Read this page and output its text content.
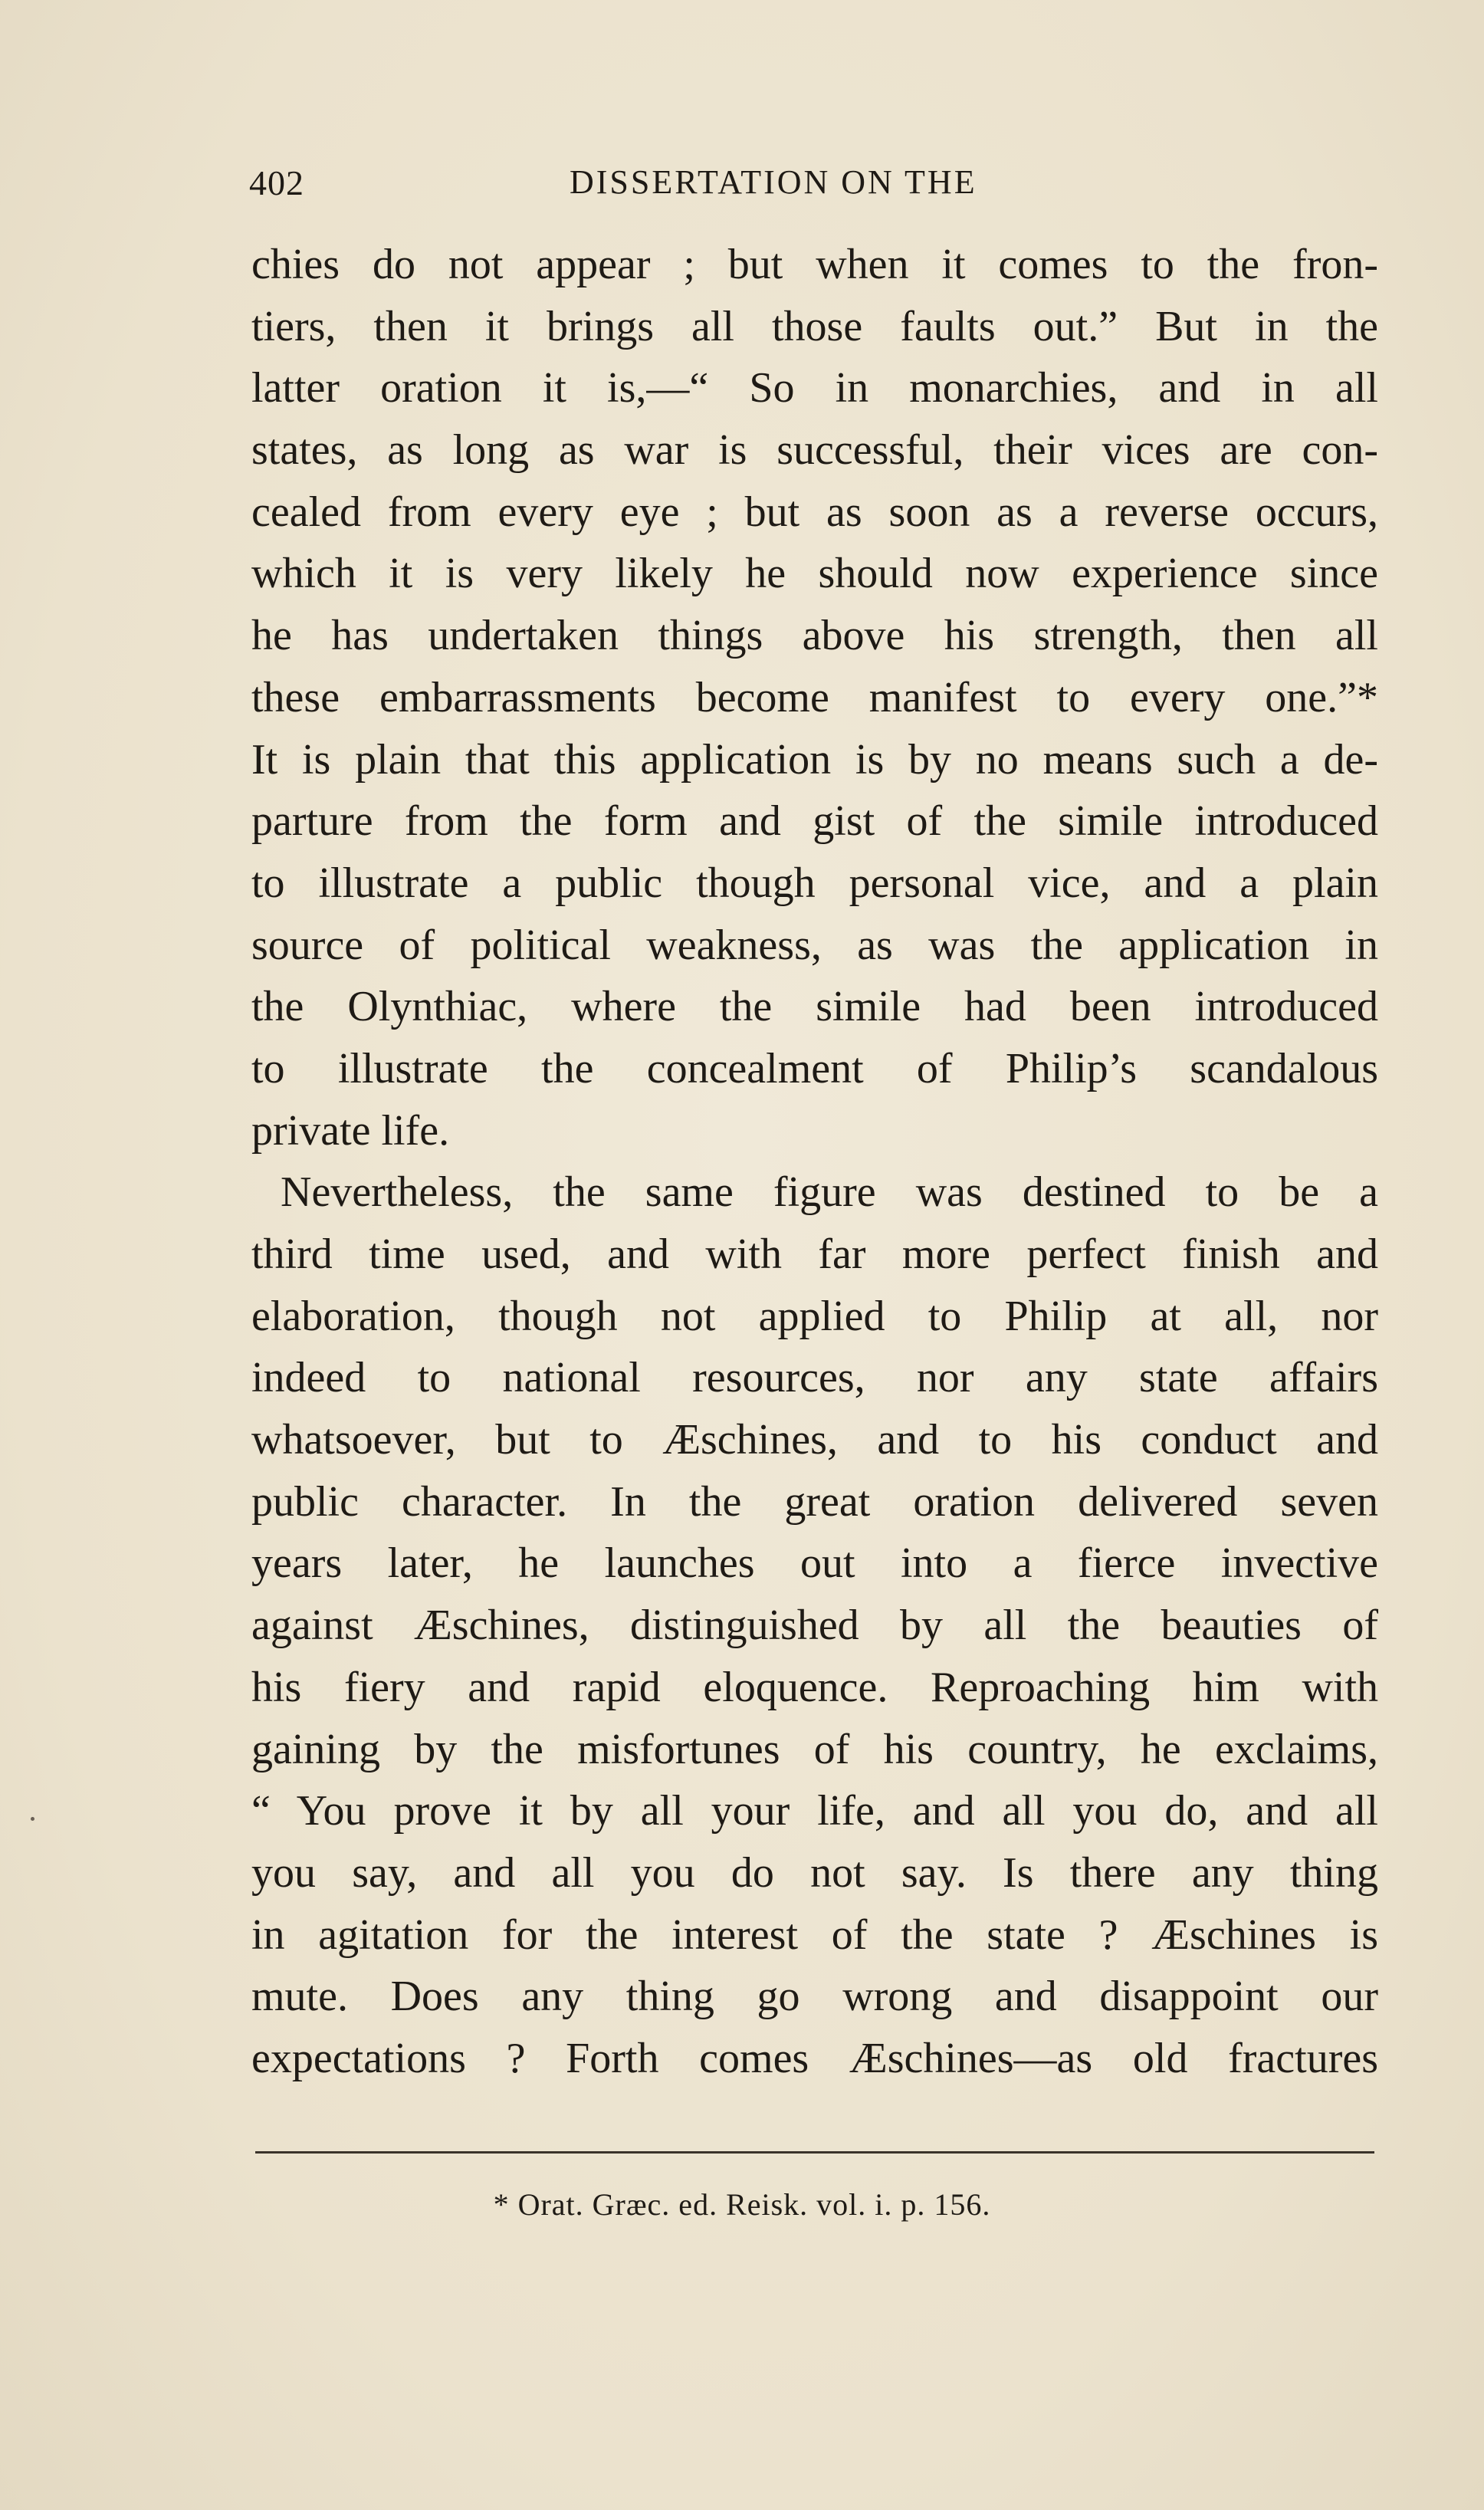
402	DISSERTATION ON THE
chies do not appear ; but when it comes to the fron-
tiers, then it brings all those faults out.” But in the
latter oration it is,—“ So in monarchies, and in all
states, as long as war is successful, their vices are con-
cealed from every eye ; but as soon as a reverse occurs,
which it is very likely he should now experience since
he has undertaken things above his strength, then all
these embarrassments become manifest to every one.”*
It is plain that this application is by no means such a de-
parture from the form and gist of the simile introduced
to illustrate a public though personal vice, and a plain
source of political weakness, as was the application in
the Olynthiac, where the simile had been introduced
to illustrate the concealment of Philip’s scandalous
private life.
Nevertheless, the same figure was destined to be a
third time used, and with far more perfect finish and
elaboration, though not applied to Philip at all, nor
indeed to national resources, nor any state affairs
whatsoever, but to Æschines, and to his conduct and
public character. In the great oration delivered seven
years later, he launches out into a fierce invective
against Æschines, distinguished by all the beauties of
his fiery and rapid eloquence. Reproaching him with
gaining by the misfortunes of his country, he exclaims,
“ You prove it by all your life, and all you do, and all
you say, and all you do not say. Is there any thing
in agitation for the interest of the state ? Æschines is
mute. Does any thing go wrong and disappoint our
expectations ? Forth comes Æschines—as old fractures
* Orat. Græc. ed. Reisk. vol. i. p. 156.
